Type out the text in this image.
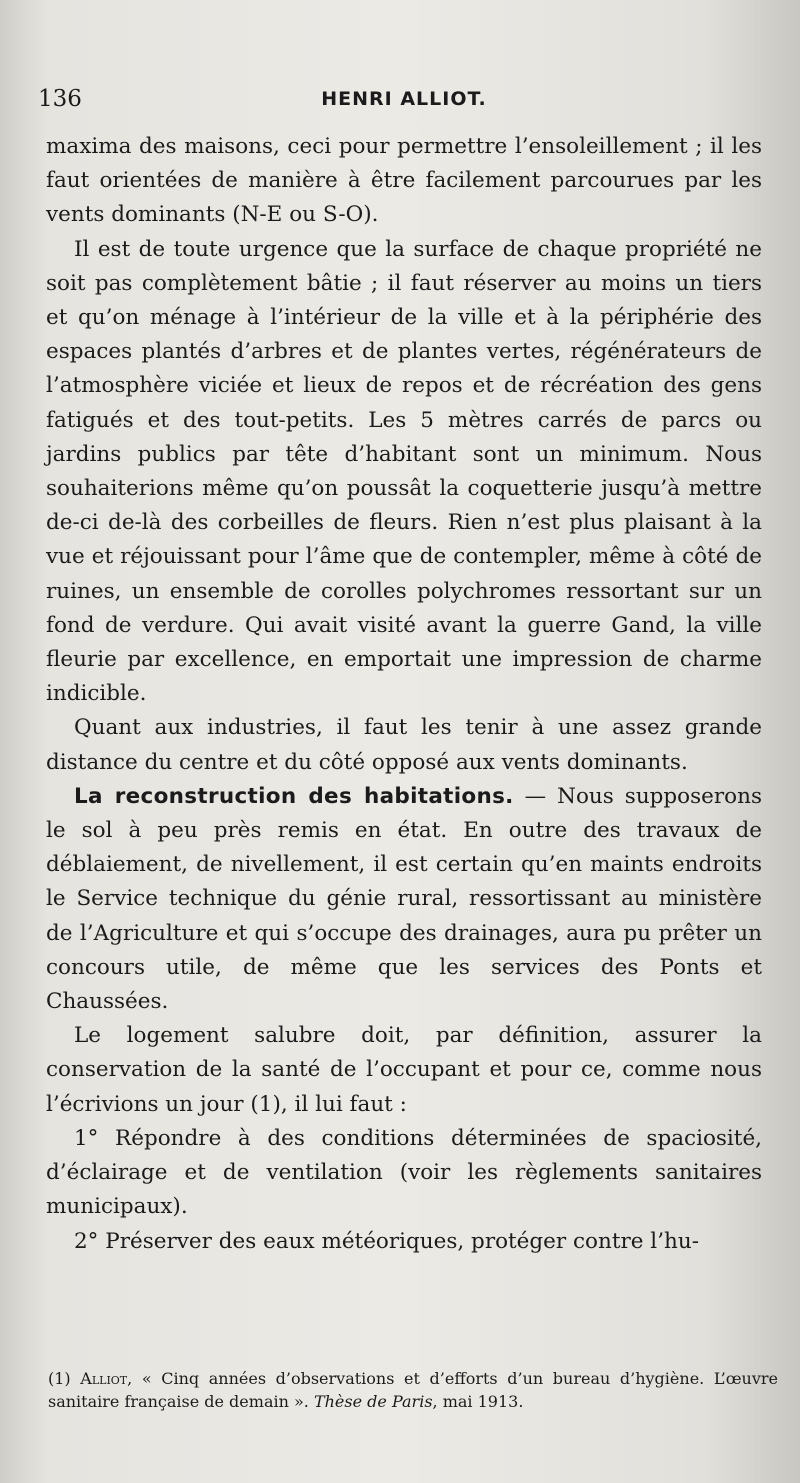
136	HENRI ALLIOT.

maxima des maisons, ceci pour permettre l’ensoleillement ; il les faut orientées de manière à être facilement parcourues par les vents dominants (N-E ou S-O).

Il est de toute urgence que la surface de chaque propriété ne soit pas complètement bâtie ; il faut réserver au moins un tiers et qu’on ménage à l’intérieur de la ville et à la périphérie des espaces plantés d’arbres et de plantes vertes, régénérateurs de l’atmosphère viciée et lieux de repos et de récréation des gens fatigués et des tout-petits. Les 5 mètres carrés de parcs ou jardins publics par tête d’habitant sont un minimum. Nous souhaiterions même qu’on poussât la coquetterie jusqu’à mettre de-ci de-là des corbeilles de fleurs. Rien n’est plus plaisant à la vue et réjouissant pour l’âme que de contempler, même à côté de ruines, un ensemble de corolles polychromes ressortant sur un fond de verdure. Qui avait visité avant la guerre Gand, la ville fleurie par excellence, en emportait une impression de charme indicible.

Quant aux industries, il faut les tenir à une assez grande distance du centre et du côté opposé aux vents dominants.

La reconstruction des habitations. — Nous supposerons le sol à peu près remis en état. En outre des travaux de déblaiement, de nivellement, il est certain qu’en maints endroits le Service technique du génie rural, ressortissant au ministère de l’Agriculture et qui s’occupe des drainages, aura pu prêter un concours utile, de même que les services des Ponts et Chaussées.

Le logement salubre doit, par définition, assurer la conservation de la santé de l’occupant et pour ce, comme nous l’écrivions un jour (1), il lui faut :

1° Répondre à des conditions déterminées de spaciosité, d’éclairage et de ventilation (voir les règlements sanitaires municipaux).

2° Préserver des eaux météoriques, protéger contre l’hu-

(1) Alliot, « Cinq années d’observations et d’efforts d’un bureau d’hygiène. L’œuvre sanitaire française de demain ». Thèse de Paris, mai 1913.
